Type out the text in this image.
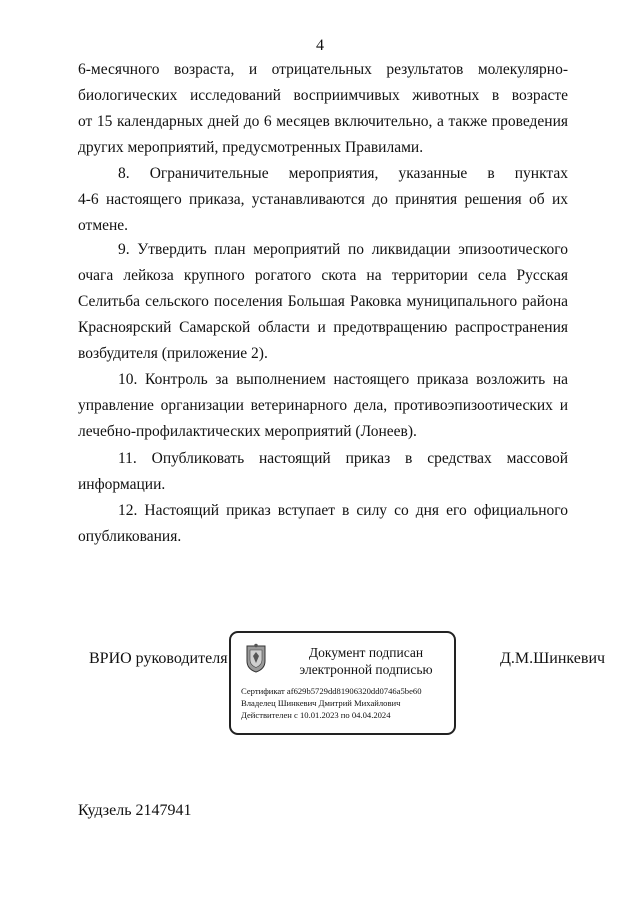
4
6-месячного возраста, и отрицательных результатов молекулярно-
биологических исследований восприимчивых животных в возрасте
от 15 календарных дней до 6 месяцев включительно, а также проведения
других мероприятий, предусмотренных Правилами.
8. Ограничительные мероприятия, указанные в пунктах
4-6 настоящего приказа, устанавливаются до принятия решения об их
отмене.
9. Утвердить план мероприятий по ликвидации эпизоотического
очага лейкоза крупного рогатого скота на территории села Русская
Селитьба сельского поселения Большая Раковка муниципального района
Красноярский Самарской области и предотвращению распространения
возбудителя (приложение 2).
10. Контроль за выполнением настоящего приказа возложить на
управление организации ветеринарного дела, противоэпизоотических и
лечебно-профилактических мероприятий (Лонеев).
11. Опубликовать настоящий приказ в средствах массовой
информации.
12. Настоящий приказ вступает в силу со дня его официального
опубликования.
ВРИО руководителя	Документ подписан
электронной подписью
Сертификат af629b5729dd81906320dd0746a5be60
Владелец Шинкевич Дмитрий Михайлович
Действителен с 10.01.2023 по 04.04.2024
Д.М.Шинкевич
Кудзель 2147941
